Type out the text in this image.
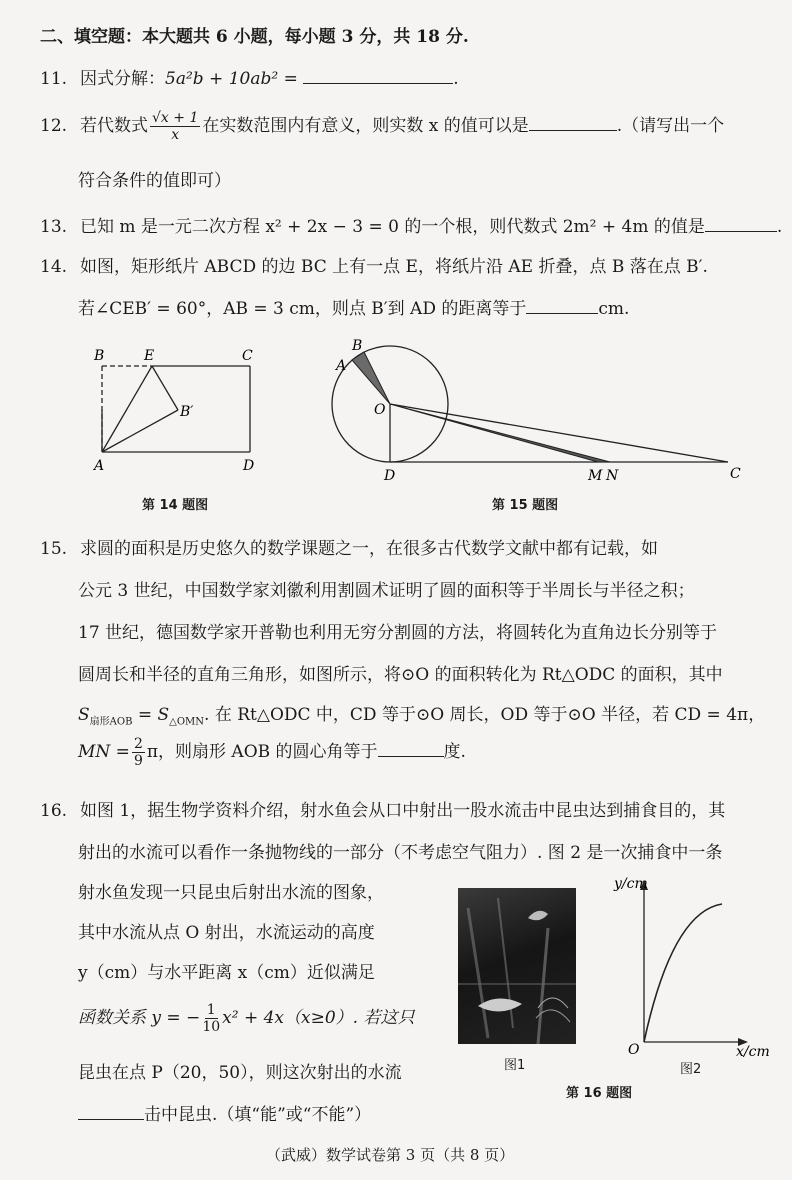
二、填空题：本大题共 6 小题，每小题 3 分，共 18 分.
11. 因式分解：5a²b + 10ab² =	.
12. 若代数式 $\frac{√x + 1}{x}$ 在实数范围内有意义，则实数 x 的值可以是	.（请写出一个
符合条件的值即可）
13. 已知 m 是一元二次方程 x² + 2x − 3 = 0 的一个根，则代数式 2m² + 4m 的值是	.
14. 如图，矩形纸片 ABCD 的边 BC 上有一点 E，将纸片沿 AE 折叠，点 B 落在点 B′.
若∠CEB′ = 60°，AB = 3 cm，则点 B′到 AD 的距离等于	cm.
B	E	C
B′
A	D
第 14 题图
B
A
O
D	M N	C
第 15 题图
15. 求圆的面积是历史悠久的数学课题之一，在很多古代数学文献中都有记载，如
公元 3 世纪，中国数学家刘徽利用割圆术证明了圆的面积等于半周长与半径之积；
17 世纪，德国数学家开普勒也利用无穷分割圆的方法，将圆转化为直角边长分别等于
圆周长和半径的直角三角形，如图所示，将⊙O 的面积转化为 Rt△ODC 的面积，其中
$S_{扇形AOB} = S_{\triangle OMN}$. 在 Rt△ODC 中，CD 等于⊙O 周长，OD 等于⊙O 半径，若 CD = 4π，
MN = $\frac{2}{9}$ π，则扇形 AOB 的圆心角等于	度.
16. 如图 1，据生物学资料介绍，射水鱼会从口中射出一股水流击中昆虫达到捕食目的，其
射出的水流可以看作一条抛物线的一部分（不考虑空气阻力）. 图 2 是一次捕食中一条
射水鱼发现一只昆虫后射出水流的图象，
其中水流从点 O 射出，水流运动的高度
y（cm）与水平距离 x（cm）近似满足
函数关系 y = − $\frac{1}{10} x^2 + 4x(x\ge 0)$. 若这只
昆虫在点 P（20，50），则这次射出的水流
击中昆虫.（填“能”或“不能”）
图1
y/cm
x/cm
O
图2
第 16 题图
（武威）数学试卷第 3 页（共 8 页）
